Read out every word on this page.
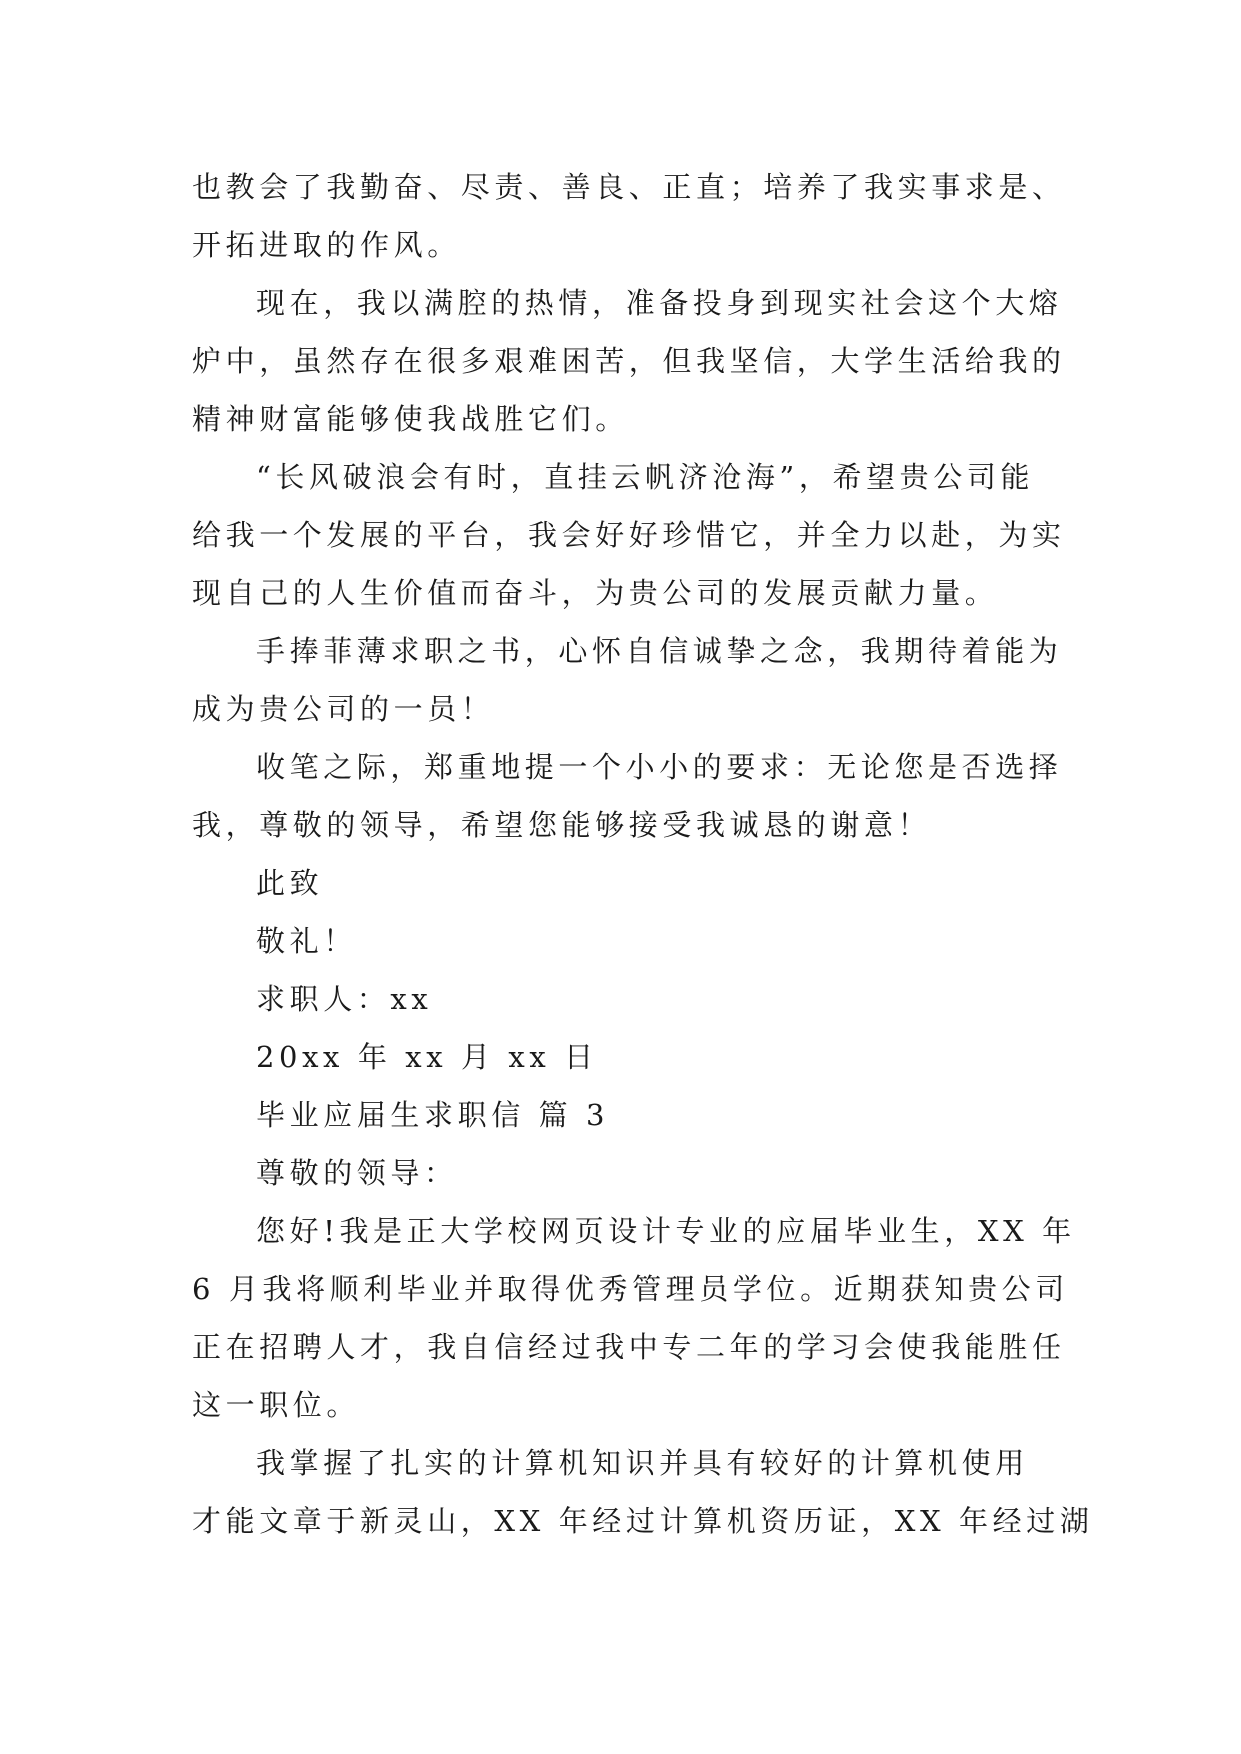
也教会了我勤奋、尽责、善良、正直；培养了我实事求是、
开拓进取的作风。
现在，我以满腔的热情，准备投身到现实社会这个大熔
炉中，虽然存在很多艰难困苦，但我坚信，大学生活给我的
精神财富能够使我战胜它们。
“长风破浪会有时，直挂云帆济沧海”，希望贵公司能
给我一个发展的平台，我会好好珍惜它，并全力以赴，为实
现自己的人生价值而奋斗，为贵公司的发展贡献力量。
手捧菲薄求职之书，心怀自信诚挚之念，我期待着能为
成为贵公司的一员！
收笔之际，郑重地提一个小小的要求：无论您是否选择
我，尊敬的领导，希望您能够接受我诚恳的谢意！
此致
敬礼！
求职人：xx
20xx 年 xx 月 xx 日
毕业应届生求职信 篇 3
尊敬的领导：
您好!我是正大学校网页设计专业的应届毕业生，XX 年
6 月我将顺利毕业并取得优秀管理员学位。近期获知贵公司
正在招聘人才，我自信经过我中专二年的学习会使我能胜任
这一职位。
我掌握了扎实的计算机知识并具有较好的计算机使用
才能文章于新灵山，XX 年经过计算机资历证，XX 年经过湖
